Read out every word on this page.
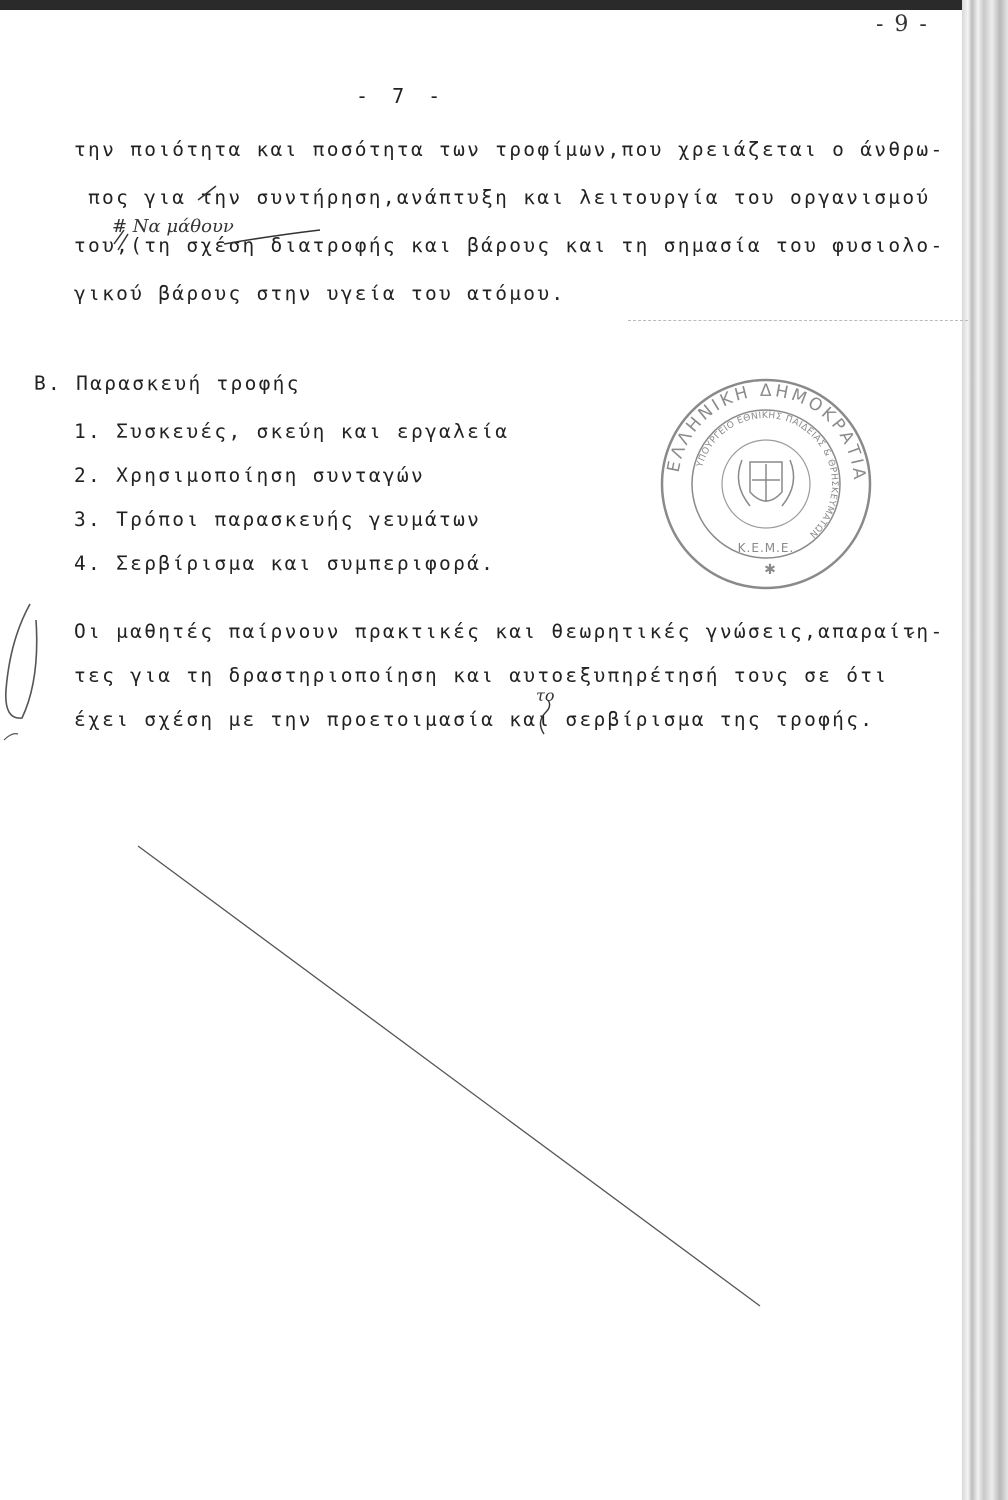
- 9 -
- 7 -
την ποιότητα και ποσότητα των τροφίμων,που χρειάζεται ο άνθρω-
πος για την συντήρηση,ανάπτυξη και λειτουργία του οργανισμού
# Να μάθουν
του,(τη σχέση διατροφής και βάρους και τη σημασία του φυσιολο-
γικού βάρους στην υγεία του ατόμου.
Β. Παρασκευή τροφής
1. Συσκευές, σκεύη και εργαλεία
2. Χρησιμοποίηση συνταγών
3. Τρόποι παρασκευής γευμάτων
4. Σερβίρισμα και συμπεριφορά.
Οι μαθητές παίρνουν πρακτικές και θεωρητικές γνώσεις,απαραίτη-
τες για τη δραστηριοποίηση και αυτοεξυπηρέτησή τους σε ότι
το
έχει σχέση με την προετοιμασία και σερβίρισμα της τροφής.
ΕΛΛΗΝΙΚΗ ΔΗΜΟΚΡΑΤΙΑ
ΥΠΟΥΡΓΕΙΟ ΕΘΝΙΚΗΣ ΠΑΙΔΕΙΑΣ & ΘΡΗΣΚΕΥΜΑΤΩΝ
Κ.Ε.Μ.Ε.
✱
